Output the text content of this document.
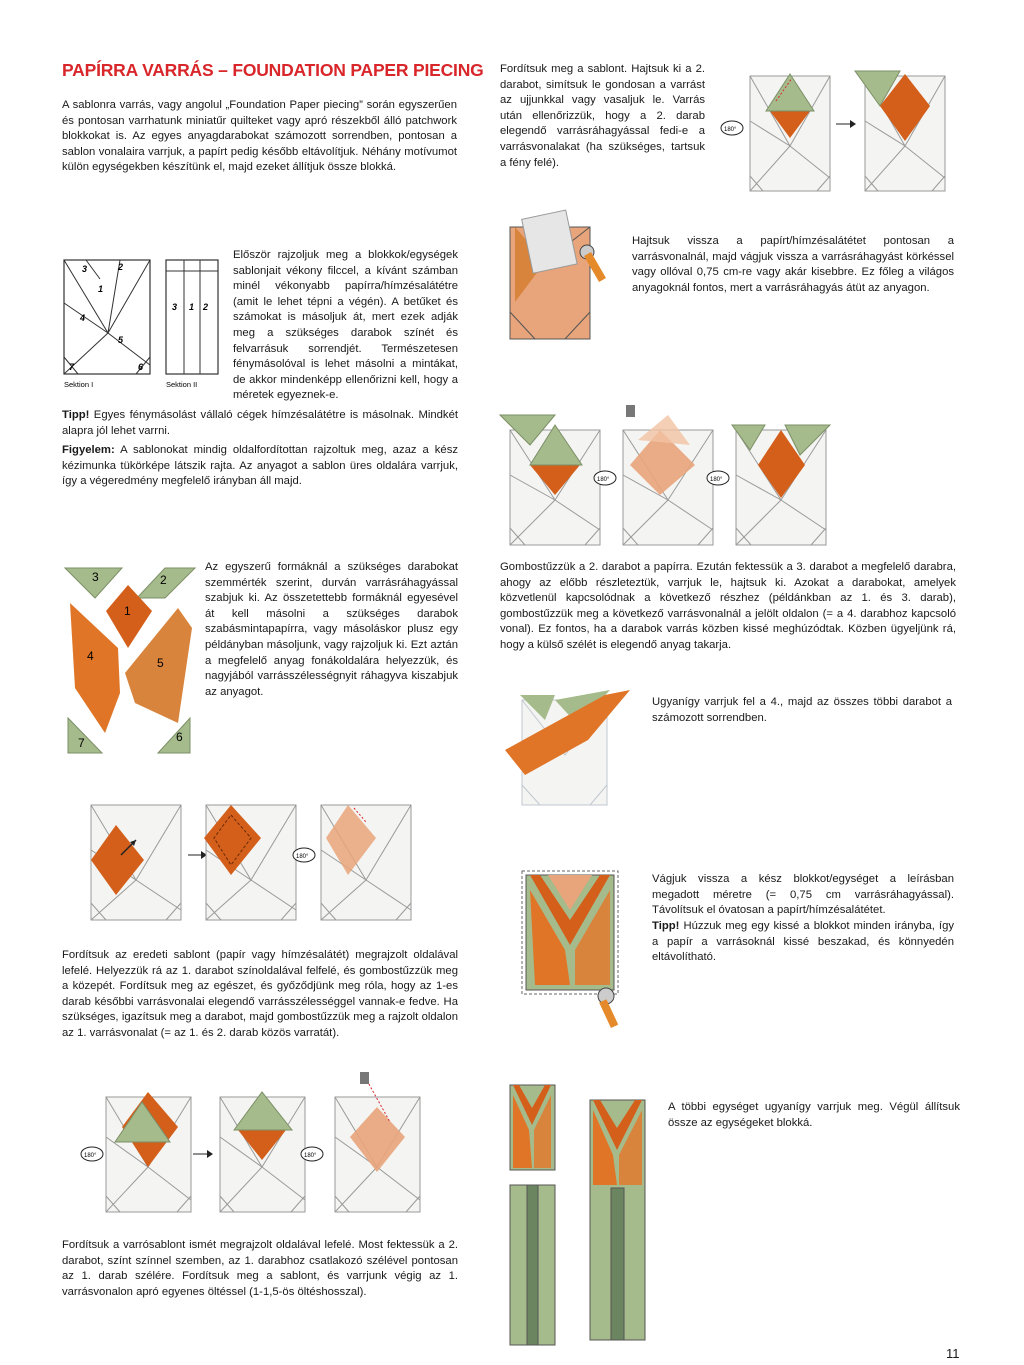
PAPÍRRA VARRÁS – FOUNDATION PAPER PIECING
A sablonra varrás, vagy angolul „Foundation Paper piecing” során egyszerűen és pontosan varrhatunk miniatűr quilteket vagy apró részekből álló patchwork blokkokat is. Az egyes anyagdarabokat számozott sorrendben, pontosan a sablon vonalaira varrjuk, a papírt pedig később eltávolítjuk. Néhány motívumot külön egységekben készítünk el, majd ezeket állítjuk össze blokká.
3	2
1
4
5
7	6
3 1 2
Sektion I	Sektion II
Először rajzoljuk meg a blokkok/egységek sablonjait vékony filccel, a kívánt számban minél vékonyabb papírra/hímzésalátétre (amit le lehet tépni a végén). A betűket és számokat is másoljuk át, mert ezek adják meg a szükséges darabok színét és felvarrásuk sorrendjét. Természetesen fénymásolóval is lehet másolni a mintákat, de akkor mindenképp ellenőrizni kell, hogy a méretek egyeznek-e.
Tipp! Egyes fénymásolást vállaló cégek hímzésalátétre is másolnak. Mindkét alapra jól lehet varrni.
Figyelem: A sablonokat mindig oldalfordítottan rajzoltuk meg, azaz a kész kézimunka tükörképe látszik rajta. Az anyagot a sablon üres oldalára varrjuk, így a végeredmény megfelelő irányban áll majd.
3	2
1
4	5
7	6
Az egyszerű formáknál a szükséges darabokat szemmérték szerint, durván varrásráhagyással szabjuk ki. Az összetettebb formáknál egyesével át kell másolni a szükséges darabok szabásmintapapírra, vagy másoláskor plusz egy példányban másoljunk, vagy rajzoljuk ki. Ezt aztán a megfelelő anyag fonákoldalára helyezzük, és nagyjából varrásszélességnyit ráhagyva kiszabjuk az anyagot.
180°
Fordítsuk az eredeti sablont (papír vagy hímzésalátét) megrajzolt oldalával lefelé. Helyezzük rá az 1. darabot színoldalával felfelé, és gombostűzzük meg a közepét. Fordítsuk meg az egészet, és győződjünk meg róla, hogy az 1-es darab későbbi varrásvonalai elegendő varrásszélességgel vannak-e fedve. Ha szükséges, igazítsuk meg a darabot, majd gombostűzzük meg a rajzolt oldalon az 1. varrásvonalat (= az 1. és 2. darab közös varratát).
180°	180°
Fordítsuk a varrósablont ismét megrajzolt oldalával lefelé. Most fektessük a 2. darabot, színt színnel szemben, az 1. darabhoz csatlakozó szélével pontosan az 1. darab szélére. Fordítsuk meg a sablont, és varrjunk végig az 1. varrásvonalon apró egyenes öltéssel (1-1,5-ös öltéshosszal).
Fordítsuk meg a sablont. Hajtsuk ki a 2. darabot, simítsuk le gondosan a varrást az ujjunkkal vagy vasaljuk le. Varrás után ellenőrizzük, hogy a 2. darab elegendő varrásráhagyással fedi-e a varrásvonalakat (ha szükséges, tartsuk a fény felé).
180°
Hajtsuk vissza a papírt/hímzésalátétet pontosan a varrásvonalnál, majd vágjuk vissza a varrásráhagyást körkéssel vagy ollóval 0,75 cm-re vagy akár kisebbre. Ez főleg a világos anyagoknál fontos, mert a varrásráhagyás átüt az anyagon.
180°	180°
Gombostűzzük a 2. darabot a papírra. Ezután fektessük a 3. darabot a megfelelő darabra, ahogy az előbb részleteztük, varrjuk le, hajtsuk ki. Azokat a darabokat, amelyek közvetlenül kapcsolódnak a következő részhez (példánkban az 1. és 3. darab), gombostűzzük meg a következő varrásvonalnál a jelölt oldalon (= a 4. darabhoz kapcsoló vonal). Ez fontos, ha a darabok varrás közben kissé meghúzódtak. Közben ügyeljünk rá, hogy a külső szélét is elegendő anyag takarja.
Ugyanígy varrjuk fel a 4., majd az összes többi darabot a számozott sorrendben.
Vágjuk vissza a kész blokkot/egységet a leírásban megadott méretre (= 0,75 cm varrásráhagyással). Távolítsuk el óvatosan a papírt/hímzésalátétet.
Tipp! Húzzuk meg egy kissé a blokkot minden irányba, így a papír a varrásoknál kissé beszakad, és könnyedén eltávolítható.
A többi egységet ugyanígy varrjuk meg. Végül állítsuk össze az egységeket blokká.
11
